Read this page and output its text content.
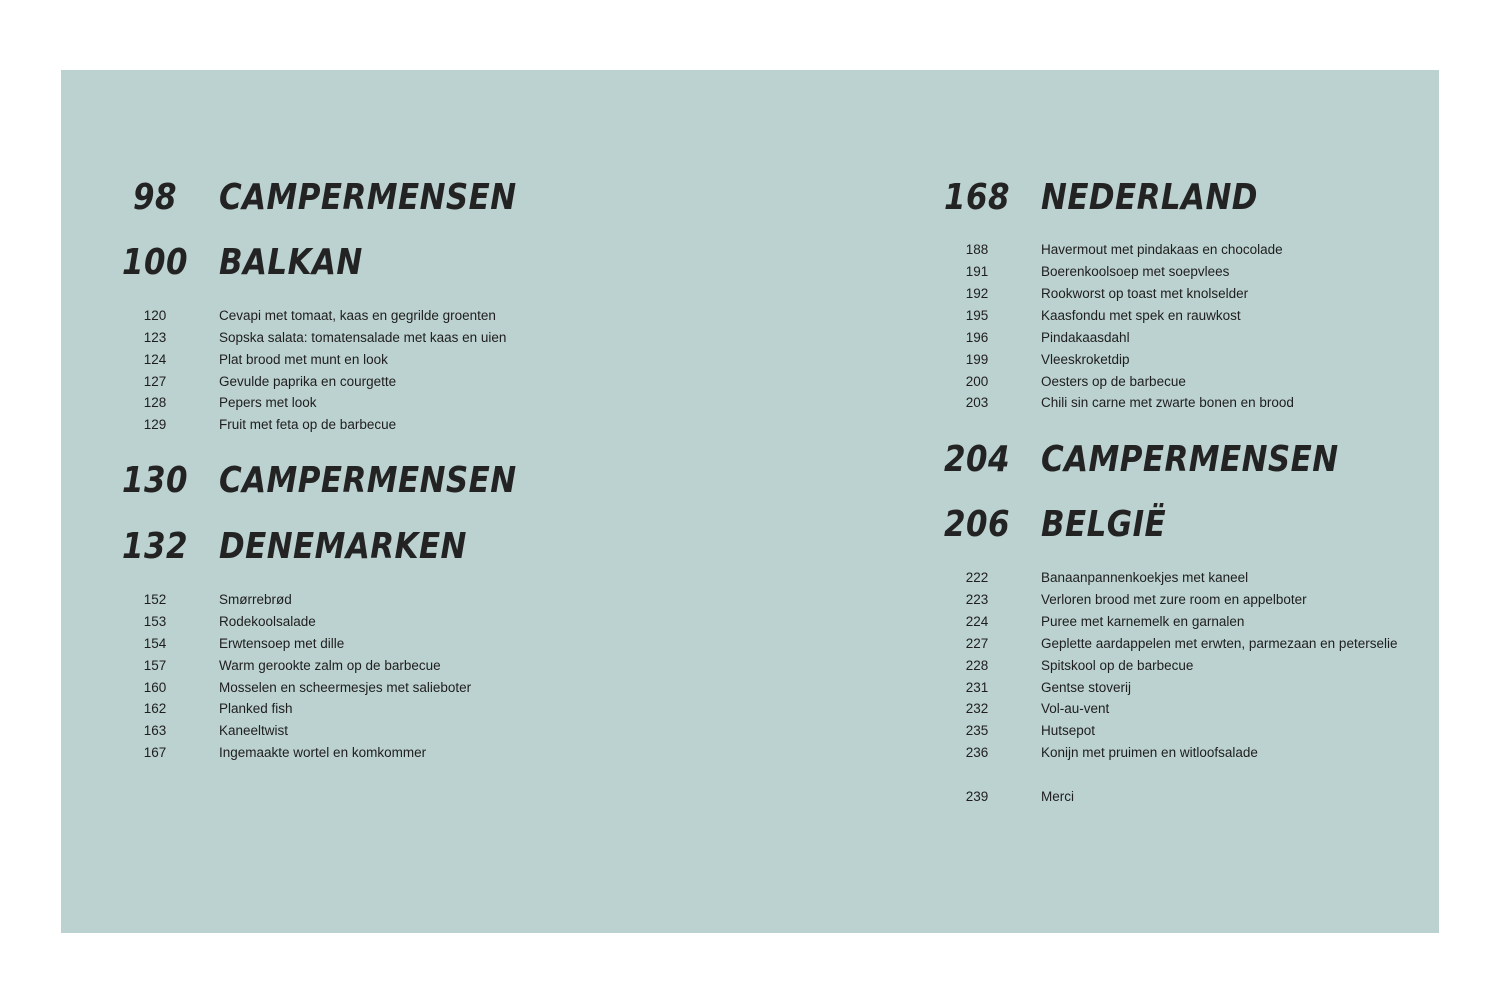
98	CAMPERMENSEN
100 BALKAN
120	Cevapi met tomaat, kaas en gegrilde groenten
123	Sopska salata: tomatensalade met kaas en uien
124	Plat brood met munt en look
127	Gevulde paprika en courgette
128	Pepers met look
129	Fruit met feta op de barbecue
130 CAMPERMENSEN
132 DENEMARKEN
152	Smørrebrød
153	Rodekoolsalade
154	Erwtensoep met dille
157	Warm gerookte zalm op de barbecue
160	Mosselen en scheermesjes met salieboter
162	Planked fish
163	Kaneeltwist
167	Ingemaakte wortel en komkommer
168 NEDERLAND
188	Havermout met pindakaas en chocolade
191	Boerenkoolsoep met soepvlees
192	Rookworst op toast met knolselder
195	Kaasfondu met spek en rauwkost
196	Pindakaasdahl
199	Vleeskroketdip
200	Oesters op de barbecue
203	Chili sin carne met zwarte bonen en brood
204 CAMPERMENSEN
206 BELGIË
222	Banaanpannenkoekjes met kaneel
223	Verloren brood met zure room en appelboter
224	Puree met karnemelk en garnalen
227	Geplette aardappelen met erwten, parmezaan en peterselie
228	Spitskool op de barbecue
231	Gentse stoverij
232	Vol-au-vent
235	Hutsepot
236	Konijn met pruimen en witloofsalade
239	Merci
